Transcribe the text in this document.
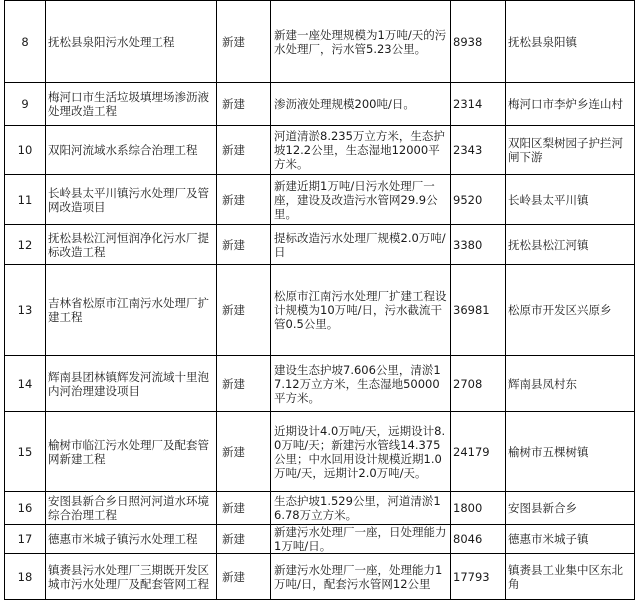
8	抚松县泉阳污水处理工程	新建	新建一座处理规模为1万吨/天的污水处理厂，污水管5.23公里。	8938	抚松县泉阳镇
9	梅河口市生活垃圾填埋场渗沥液处理改造工程	新建	渗沥液处理规模200吨/日。	2314	梅河口市李炉乡连山村
10	双阳河流域水系综合治理工程	新建	河道清淤8.235万立方米，生态护坡12.2公里，生态湿地12000平方米。	2343	双阳区梨树园子护拦河闸下游
11	长岭县太平川镇污水处理厂及管网改造项目	新建	新建近期1万吨/日污水处理厂一座，建设及改造污水管网29.9公里。	9520	长岭县太平川镇
12	抚松县松江河恒润净化污水厂提标改造工程	新建	提标改造污水处理厂规模2.0万吨/日	3380	抚松县松江河镇
13	吉林省松原市江南污水处理厂扩建工程	新建	松原市江南污水处理厂扩建工程设计规模为10万吨/日，污水截流干管0.5公里。	36981	松原市开发区兴原乡
14	辉南县团林镇辉发河流域十里泡内河治理建设项目	新建	建设生态护坡7.606公里，清淤17.12万立方米，生态湿地50000平方米。	2708	辉南县凤村东
15	榆树市临江污水处理厂及配套管网新建工程	新建	近期设计4.0万吨/天，远期设计8.0万吨/天；新建污水管线14.375公里；中水回用设计规模近期1.0万吨/天，远期计2.0万吨/天。	24179	榆树市五棵树镇
16	安图县新合乡日照河河道水环境综合治理工程	新建	生态护坡1.529公里，河道清淤16.78万立方米。	1800	安图县新合乡
17	德惠市米城子镇污水处理工程	新建	新建污水处理厂一座，日处理能力1万吨/日。	8046	德惠市米城子镇
18	镇赉县污水处理厂三期既开发区城市污水处理厂及配套管网工程	新建	新建污水处理厂一座，处理能力1万吨/日，配套污水管网12公里	17793	镇赉县工业集中区东北角
